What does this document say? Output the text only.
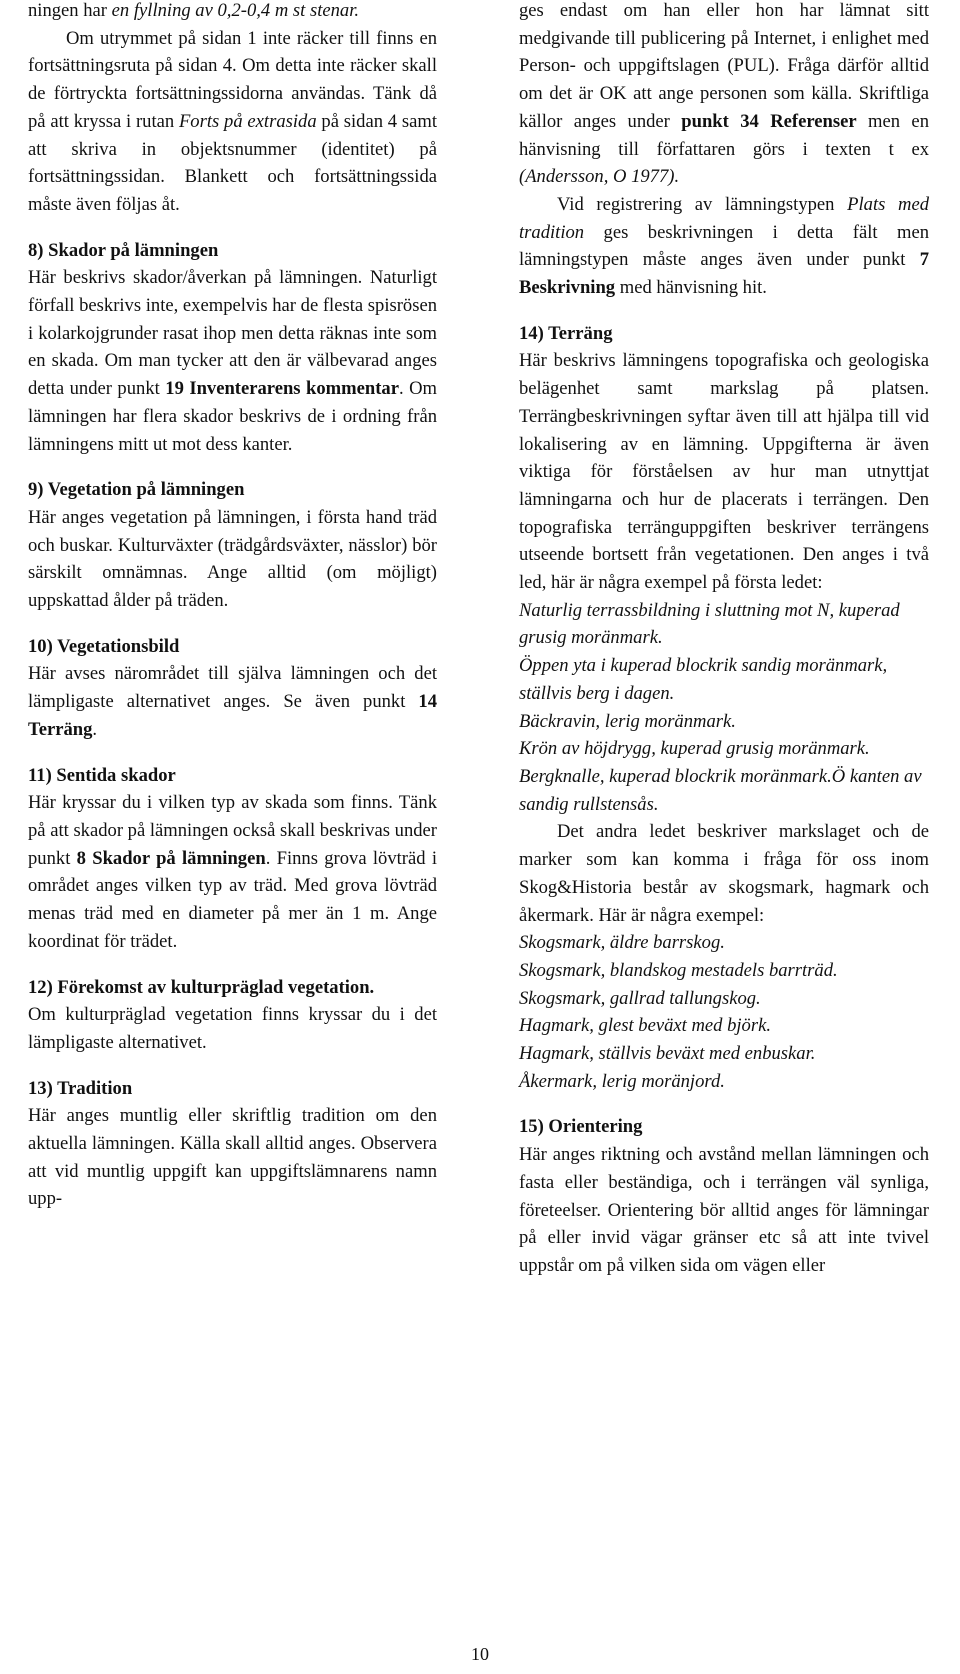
ningen har en fyllning av 0,2-0,4 m st stenar.

Om utrymmet på sidan 1 inte räcker till finns en fortsättningsruta på sidan 4. Om detta inte räcker skall de förtryckta fortsättningssidorna användas. Tänk då på att kryssa i rutan Forts på extrasida på sidan 4 samt att skriva in objektsnummer (identitet) på fortsättningssidan. Blankett och fortsättningssida måste även följas åt.

8) Skador på lämningen

Här beskrivs skador/åverkan på lämningen. Naturligt förfall beskrivs inte, exempelvis har de flesta spisrösen i kolarkojgrunder rasat ihop men detta räknas inte som en skada. Om man tycker att den är välbevarad anges detta under punkt 19 Inventerarens kommentar. Om lämningen har flera skador beskrivs de i ordning från lämningens mitt ut mot dess kanter.

9) Vegetation på lämningen

Här anges vegetation på lämningen, i första hand träd och buskar. Kulturväxter (trädgårdsväxter, nässlor) bör särskilt omnämnas. Ange alltid (om möjligt) uppskattad ålder på träden.

10) Vegetationsbild

Här avses närområdet till själva lämningen och det lämpligaste alternativet anges. Se även punkt 14 Terräng.

11) Sentida skador

Här kryssar du i vilken typ av skada som finns. Tänk på att skador på lämningen också skall beskrivas under punkt 8 Skador på lämningen. Finns grova lövträd i området anges vilken typ av träd. Med grova lövträd menas träd med en diameter på mer än 1 m. Ange koordinat för trädet.

12) Förekomst av kulturpräglad vegetation.

Om kulturpräglad vegetation finns kryssar du i det lämpligaste alternativet.

13) Tradition

Här anges muntlig eller skriftlig tradition om den aktuella lämningen. Källa skall alltid anges. Observera att vid muntlig uppgift kan uppgiftslämnarens namn upp-

ges endast om han eller hon har lämnat sitt medgivande till publicering på Internet, i enlighet med Person- och uppgiftslagen (PUL). Fråga därför alltid om det är OK att ange personen som källa. Skriftliga källor anges under punkt 34 Referenser men en hänvisning till författaren görs i texten t ex (Andersson, O 1977).

Vid registrering av lämningstypen Plats med tradition ges beskrivningen i detta fält men lämningstypen måste anges även under punkt 7 Beskrivning med hänvisning hit.

14) Terräng

Här beskrivs lämningens topografiska och geologiska belägenhet samt markslag på platsen. Terrängbeskrivningen syftar även till att hjälpa till vid lokalisering av en lämning. Uppgifterna är även viktiga för förståelsen av hur man utnyttjat lämningarna och hur de placerats i terrängen. Den topografiska terränguppgiften beskriver terrängens utseende bortsett från vegetationen. Den anges i två led, här är några exempel på första ledet:

Naturlig terrassbildning i sluttning mot N, kuperad grusig moränmark.

Öppen yta i kuperad blockrik sandig moränmark, ställvis berg i dagen.

Bäckravin, lerig moränmark.

Krön av höjdrygg, kuperad grusig moränmark.

Bergknalle, kuperad blockrik moränmark.Ö kanten av sandig rullstensås.

Det andra ledet beskriver markslaget och de marker som kan komma i fråga för oss inom Skog&Historia består av skogsmark, hagmark och åkermark. Här är några exempel:

Skogsmark, äldre barrskog.

Skogsmark, blandskog mestadels barrträd.

Skogsmark, gallrad tallungskog.

Hagmark, glest beväxt med björk.

Hagmark, ställvis beväxt med enbuskar.

Åkermark, lerig moränjord.

15) Orientering

Här anges riktning och avstånd mellan lämningen och fasta eller beständiga, och i terrängen väl synliga, företeelser. Orientering bör alltid anges för lämningar på eller invid vägar gränser etc så att inte tvivel uppstår om på vilken sida om vägen eller

10
